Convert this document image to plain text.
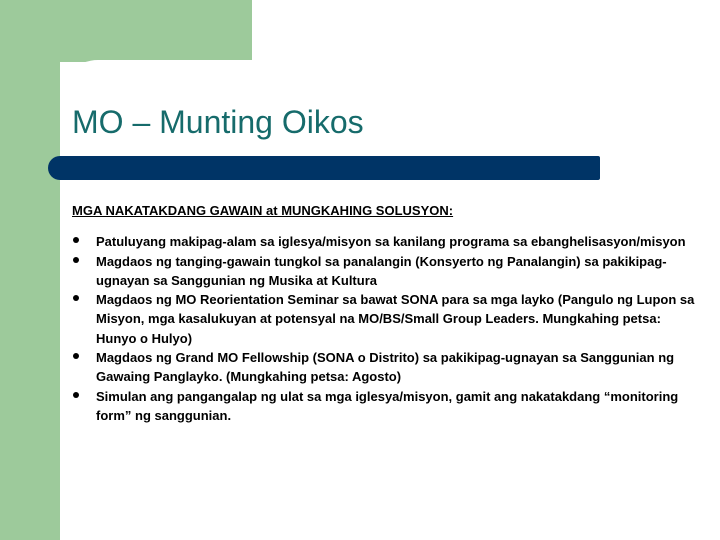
MO – Munting Oikos
MGA NAKATAKDANG GAWAIN at MUNGKAHING SOLUSYON:
Patuluyang makipag-alam sa iglesya/misyon sa kanilang programa sa ebanghelisasyon/misyon
Magdaos ng tanging-gawain tungkol sa panalangin (Konsyerto ng Panalangin) sa pakikipag-ugnayan sa Sanggunian ng Musika at Kultura
Magdaos ng MO Reorientation Seminar sa bawat SONA para sa mga layko (Pangulo ng Lupon sa Misyon, mga kasalukuyan at potensyal na MO/BS/Small Group Leaders. Mungkahing petsa: Hunyo o Hulyo)
Magdaos ng Grand MO Fellowship (SONA o Distrito) sa pakikipag-ugnayan sa Sanggunian ng Gawaing Panglayko. (Mungkahing petsa: Agosto)
Simulan ang pangangalap ng ulat sa mga iglesya/misyon, gamit ang nakatakdang “monitoring form” ng sanggunian.
